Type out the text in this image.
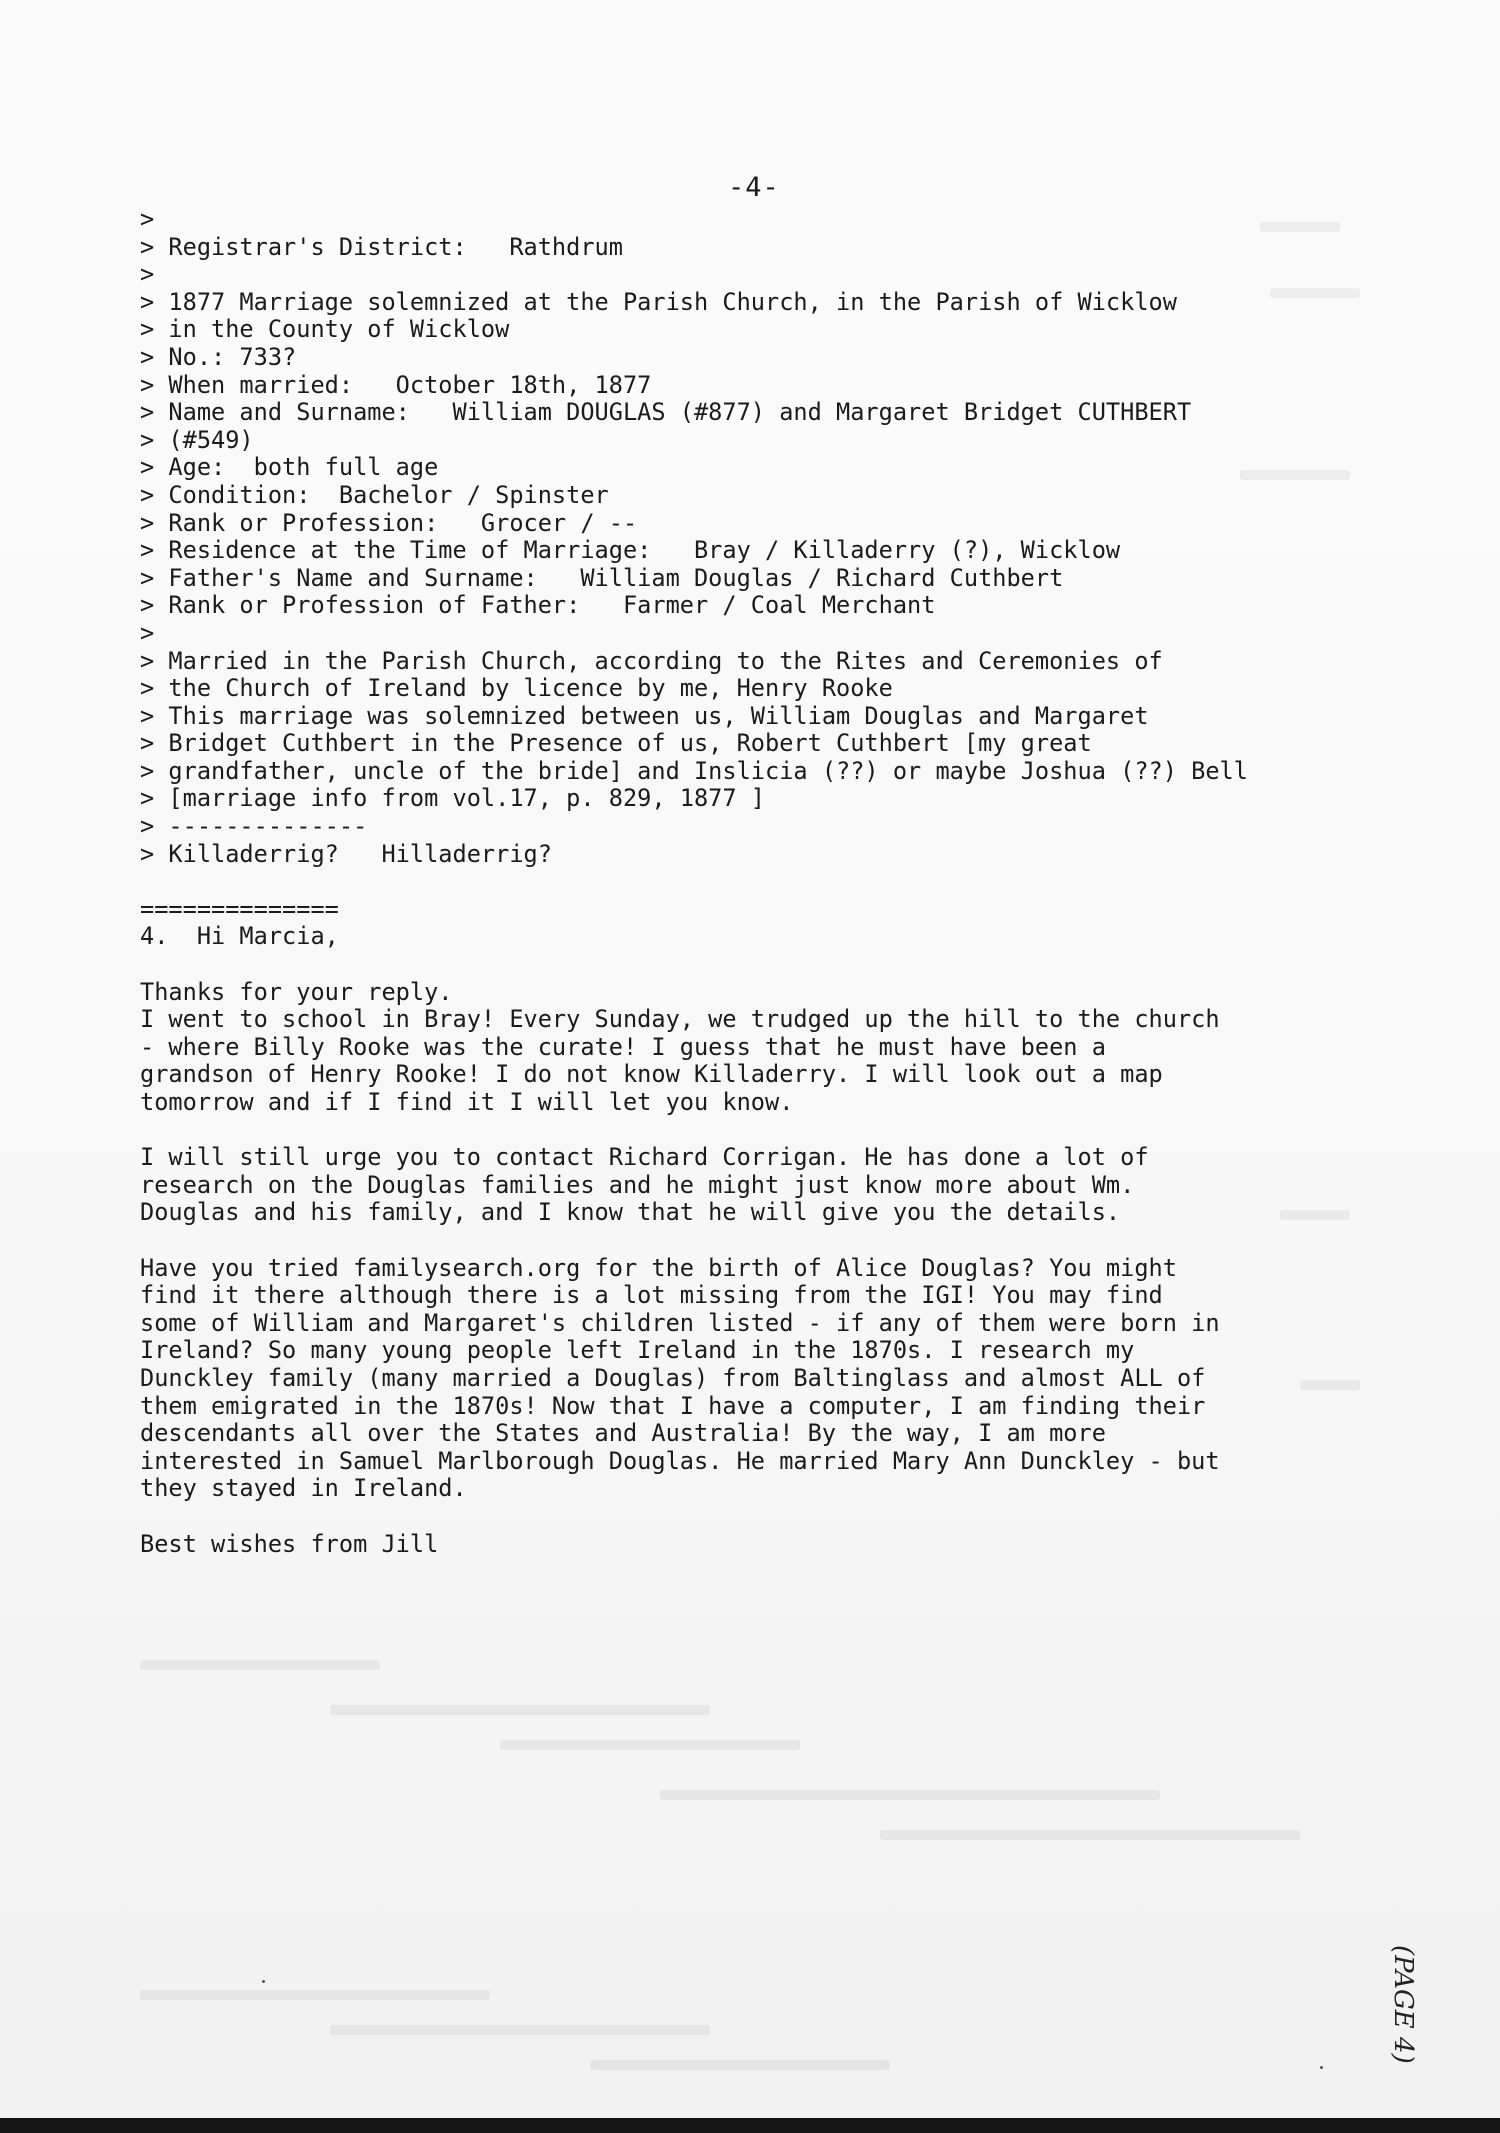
-4-
>
> Registrar's District:   Rathdrum
>
> 1877 Marriage solemnized at the Parish Church, in the Parish of Wicklow
> in the County of Wicklow
> No.: 733?
> When married:   October 18th, 1877
> Name and Surname:   William DOUGLAS (#877) and Margaret Bridget CUTHBERT
> (#549)
> Age:  both full age
> Condition:  Bachelor / Spinster
> Rank or Profession:   Grocer / --
> Residence at the Time of Marriage:   Bray / Killaderry (?), Wicklow
> Father's Name and Surname:   William Douglas / Richard Cuthbert
> Rank or Profession of Father:   Farmer / Coal Merchant
>
> Married in the Parish Church, according to the Rites and Ceremonies of
> the Church of Ireland by licence by me, Henry Rooke
> This marriage was solemnized between us, William Douglas and Margaret
> Bridget Cuthbert in the Presence of us, Robert Cuthbert [my great
> grandfather, uncle of the bride] and Inslicia (??) or maybe Joshua (??) Bell
> [marriage info from vol.17, p. 829, 1877 ]
> --------------
> Killaderrig?   Hilladerrig?
==============
4.  Hi Marcia,
Thanks for your reply.
I went to school in Bray! Every Sunday, we trudged up the hill to the church
- where Billy Rooke was the curate! I guess that he must have been a
grandson of Henry Rooke! I do not know Killaderry. I will look out a map
tomorrow and if I find it I will let you know.
I will still urge you to contact Richard Corrigan. He has done a lot of
research on the Douglas families and he might just know more about Wm.
Douglas and his family, and I know that he will give you the details.
Have you tried familysearch.org for the birth of Alice Douglas? You might
find it there although there is a lot missing from the IGI! You may find
some of William and Margaret's children listed - if any of them were born in
Ireland? So many young people left Ireland in the 1870s. I research my
Dunckley family (many married a Douglas) from Baltinglass and almost ALL of
them emigrated in the 1870s! Now that I have a computer, I am finding their
descendants all over the States and Australia! By the way, I am more
interested in Samuel Marlborough Douglas. He married Mary Ann Dunckley - but
they stayed in Ireland.
Best wishes from Jill
(PAGE 4)
